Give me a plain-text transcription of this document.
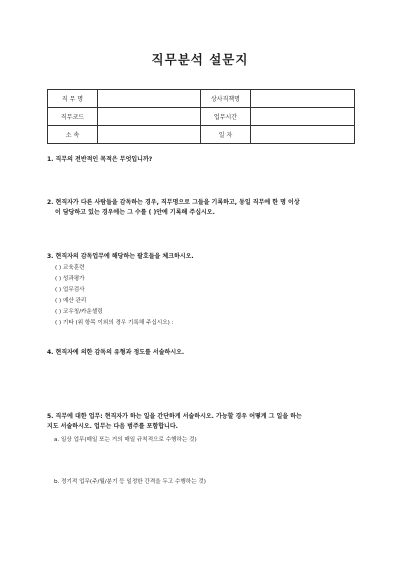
직무분석 설문지
직 무 명		상사직책명	
직무코드		업무시간	
소 속		일 자	
1. 직무의 전반적인 목적은 무엇입니까?
2. 현직자가 다른 사람들을 감독하는 경우, 직무명으로 그들을 기록하고, 동일 직무에 한 명 이상
이 담당하고 있는 경우에는 그 수를 ( )안에 기록해 주십시오.
3. 현직자의 감독업무에 해당하는 팔호들을 체크하시오.
( ) 교육훈련
( ) 성과평가
( ) 업무검사
( ) 예산 관리
( ) 코우칭/카운셀링
( ) 기타 (위 항목 이외의 경우 기록해 주십시오) :
4. 현직자에 의한 감독의 유형과 정도를 서술하시오.
5. 직무에 대한 업무: 현직자가 하는 일을 간단하게 서술하시오. 가능할 경우 어떻게 그 일을 하는
지도 서술하시오. 업무는 다음 범주를 포함합니다.
a. 일상 업무(매일 또는 거의 매일 규칙적으로 수행하는 것)
b. 정기적 업무(주/월/분기 등 일정한 간격을 두고 수행하는 것)
